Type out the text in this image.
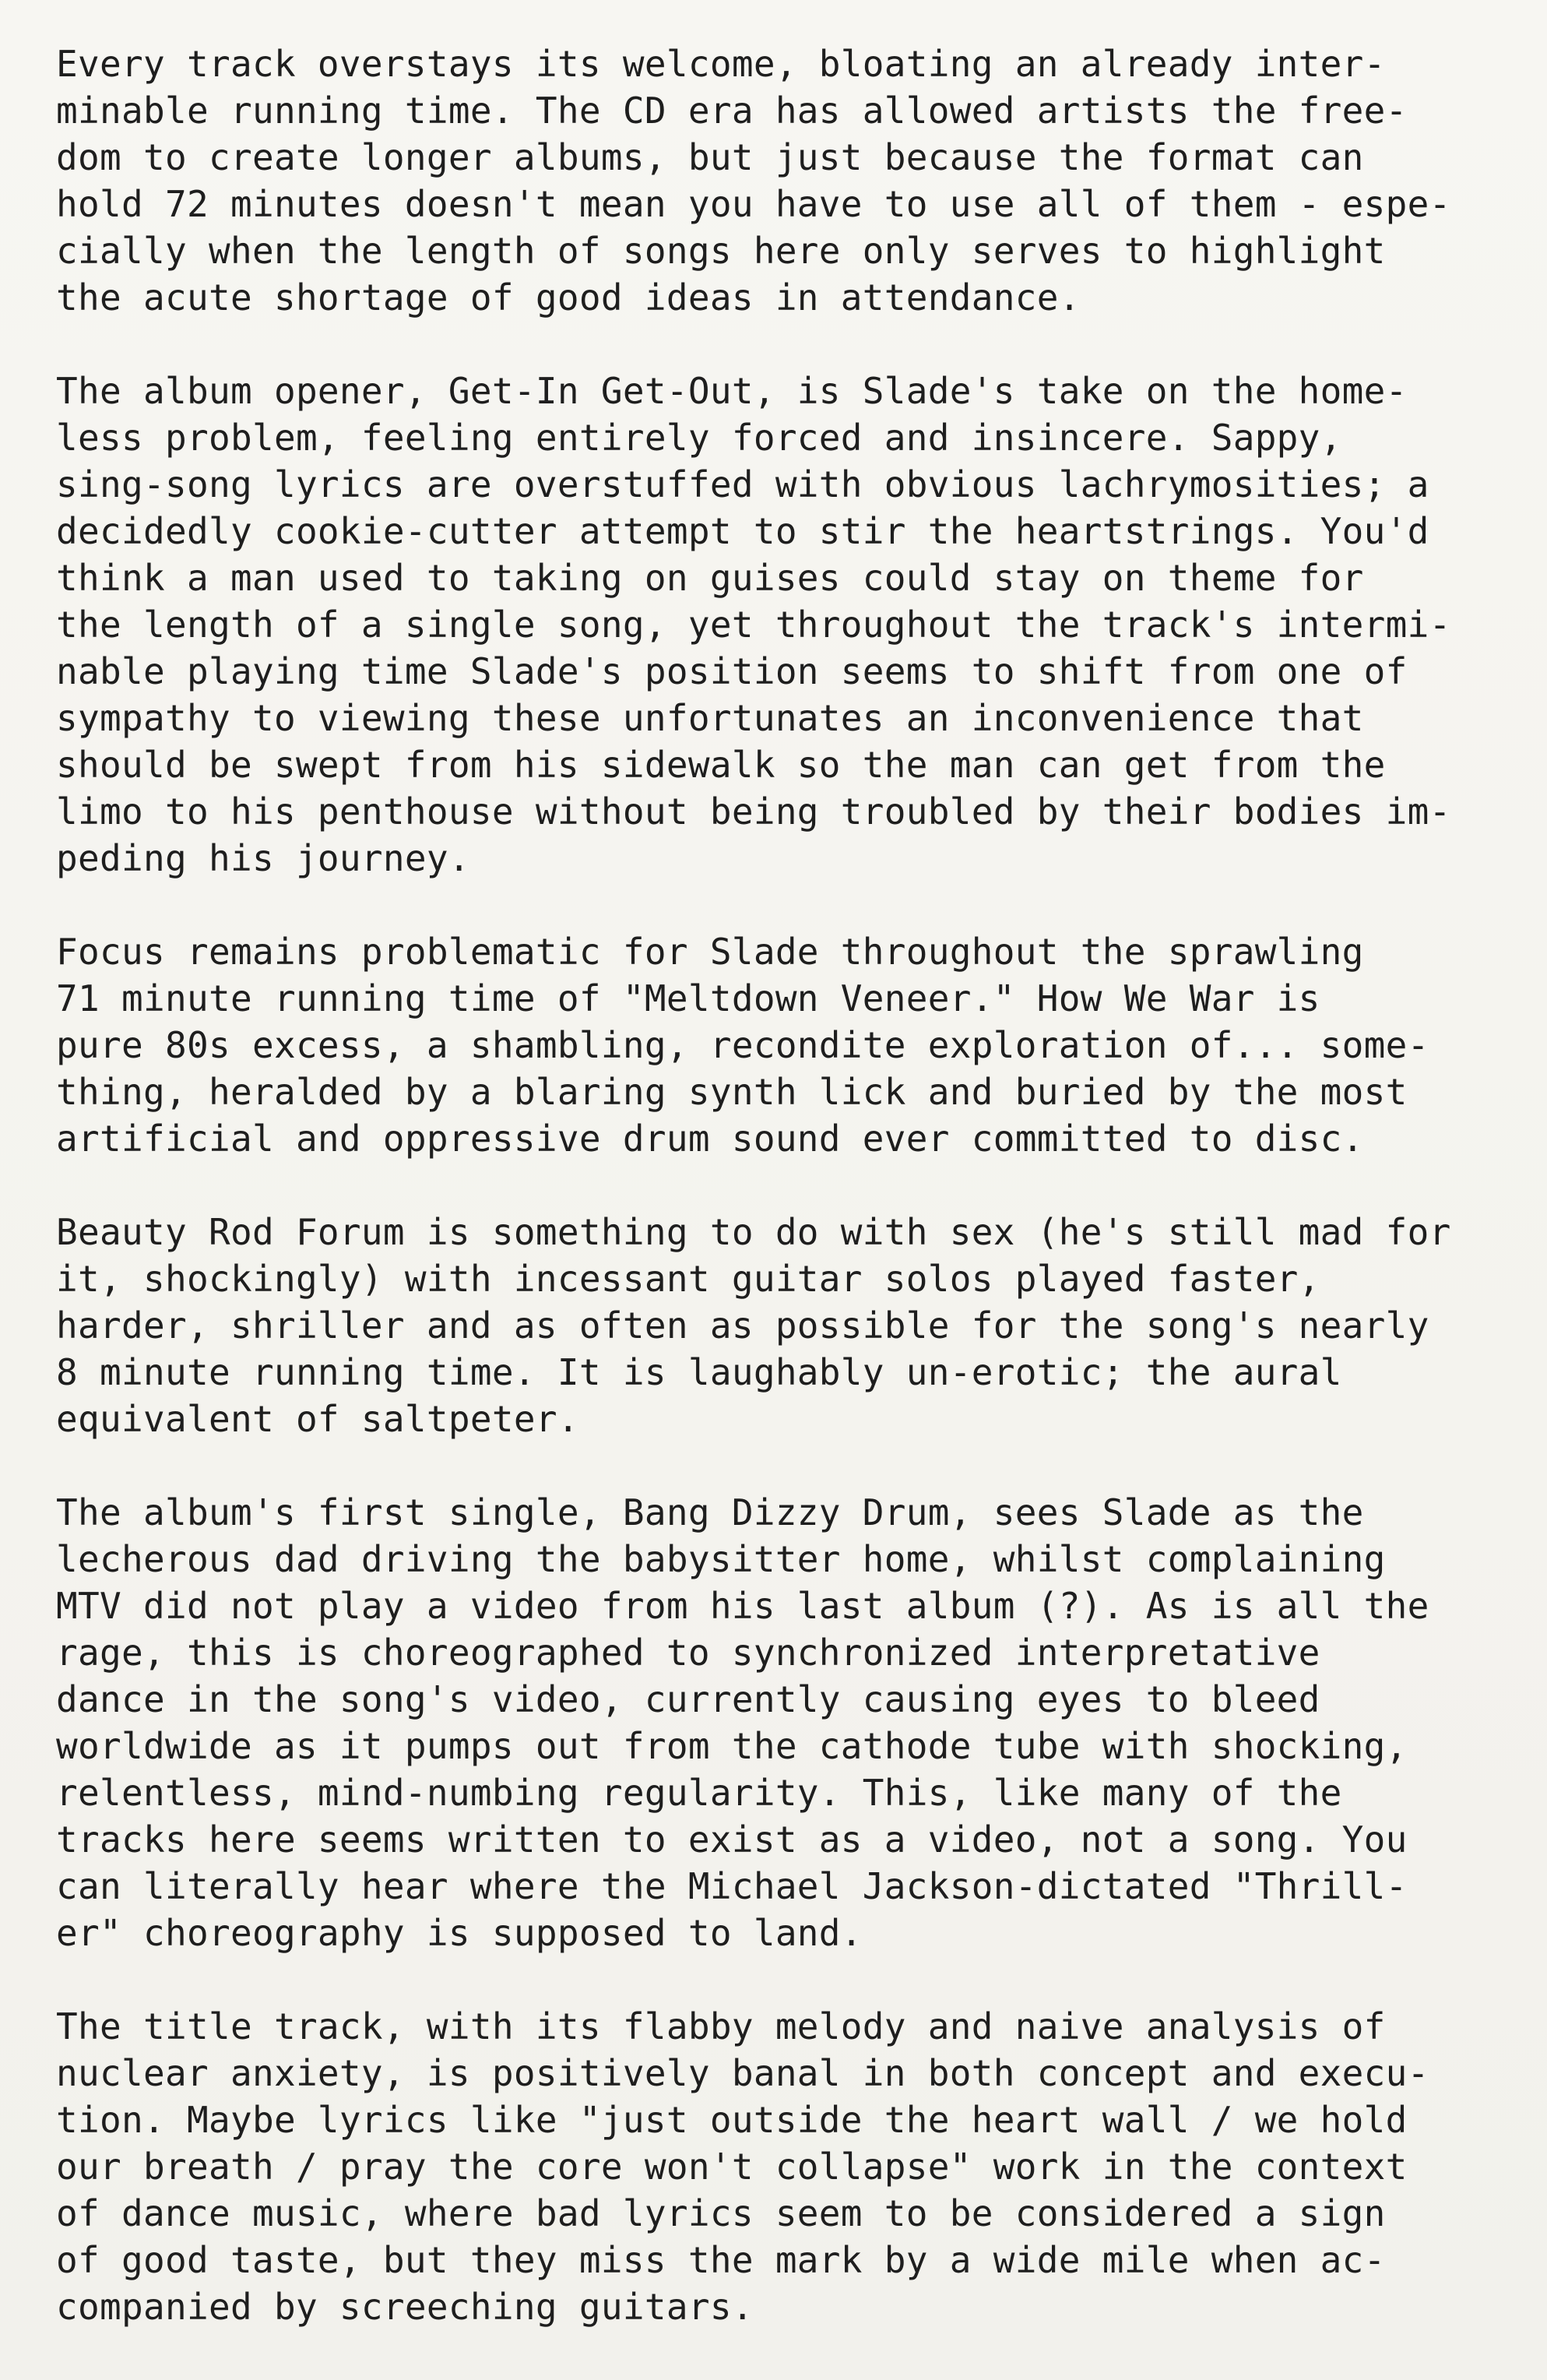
Every track overstays its welcome, bloating an already inter-
minable running time. The CD era has allowed artists the free-
dom to create longer albums, but just because the format can
hold 72 minutes doesn't mean you have to use all of them - espe-
cially when the length of songs here only serves to highlight
the acute shortage of good ideas in attendance.
The album opener, Get-In Get-Out, is Slade's take on the home-
less problem, feeling entirely forced and insincere. Sappy,
sing-song lyrics are overstuffed with obvious lachrymosities; a
decidedly cookie-cutter attempt to stir the heartstrings. You'd
think a man used to taking on guises could stay on theme for
the length of a single song, yet throughout the track's intermi-
nable playing time Slade's position seems to shift from one of
sympathy to viewing these unfortunates an inconvenience that
should be swept from his sidewalk so the man can get from the
limo to his penthouse without being troubled by their bodies im-
peding his journey.
Focus remains problematic for Slade throughout the sprawling
71 minute running time of "Meltdown Veneer." How We War is
pure 80s excess, a shambling, recondite exploration of... some-
thing, heralded by a blaring synth lick and buried by the most
artificial and oppressive drum sound ever committed to disc.
Beauty Rod Forum is something to do with sex (he's still mad for
it, shockingly) with incessant guitar solos played faster,
harder, shriller and as often as possible for the song's nearly
8 minute running time. It is laughably un-erotic; the aural
equivalent of saltpeter.
The album's first single, Bang Dizzy Drum, sees Slade as the
lecherous dad driving the babysitter home, whilst complaining
MTV did not play a video from his last album (?). As is all the
rage, this is choreographed to synchronized interpretative
dance in the song's video, currently causing eyes to bleed
worldwide as it pumps out from the cathode tube with shocking,
relentless, mind-numbing regularity. This, like many of the
tracks here seems written to exist as a video, not a song. You
can literally hear where the Michael Jackson-dictated "Thrill-
er" choreography is supposed to land.
The title track, with its flabby melody and naive analysis of
nuclear anxiety, is positively banal in both concept and execu-
tion. Maybe lyrics like "just outside the heart wall / we hold
our breath / pray the core won't collapse" work in the context
of dance music, where bad lyrics seem to be considered a sign
of good taste, but they miss the mark by a wide mile when ac-
companied by screeching guitars.
